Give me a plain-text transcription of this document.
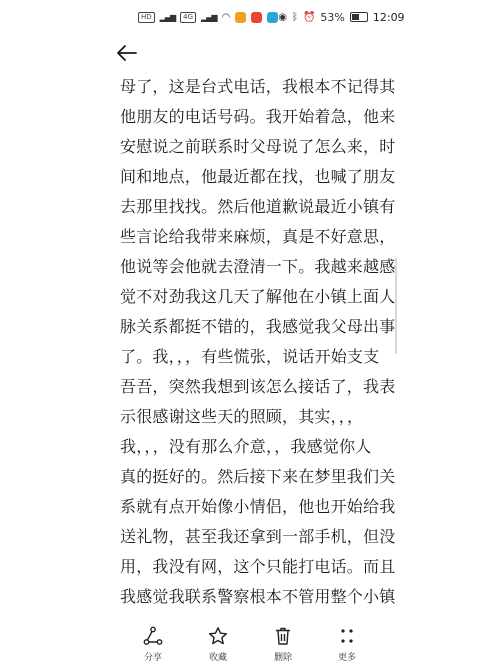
HD	▂▄▆	4G	▂▄▆ ◠	◉ ᛒ ⏰ 53%	12:09
母了，这是台式电话，我根本不记得其
他朋友的电话号码。我开始着急，他来
安慰说之前联系时父母说了怎么来，时
间和地点，他最近都在找，也喊了朋友
去那里找找。然后他道歉说最近小镇有
些言论给我带来麻烦，真是不好意思，
他说等会他就去澄清一下。我越来越感
觉不对劲我这几天了解他在小镇上面人
脉关系都挺不错的，我感觉我父母出事
了。我，，，有些慌张，说话开始支支
吾吾，突然我想到该怎么接话了，我表
示很感谢这些天的照顾，其实，，，
我，，，没有那么介意，，我感觉你人
真的挺好的。然后接下来在梦里我们关
系就有点开始像小情侣，他也开始给我
送礼物，甚至我还拿到一部手机，但没
用，我没有网，这个只能打电话。而且
我感觉我联系警察根本不管用整个小镇
分享	收藏	删除	更多
